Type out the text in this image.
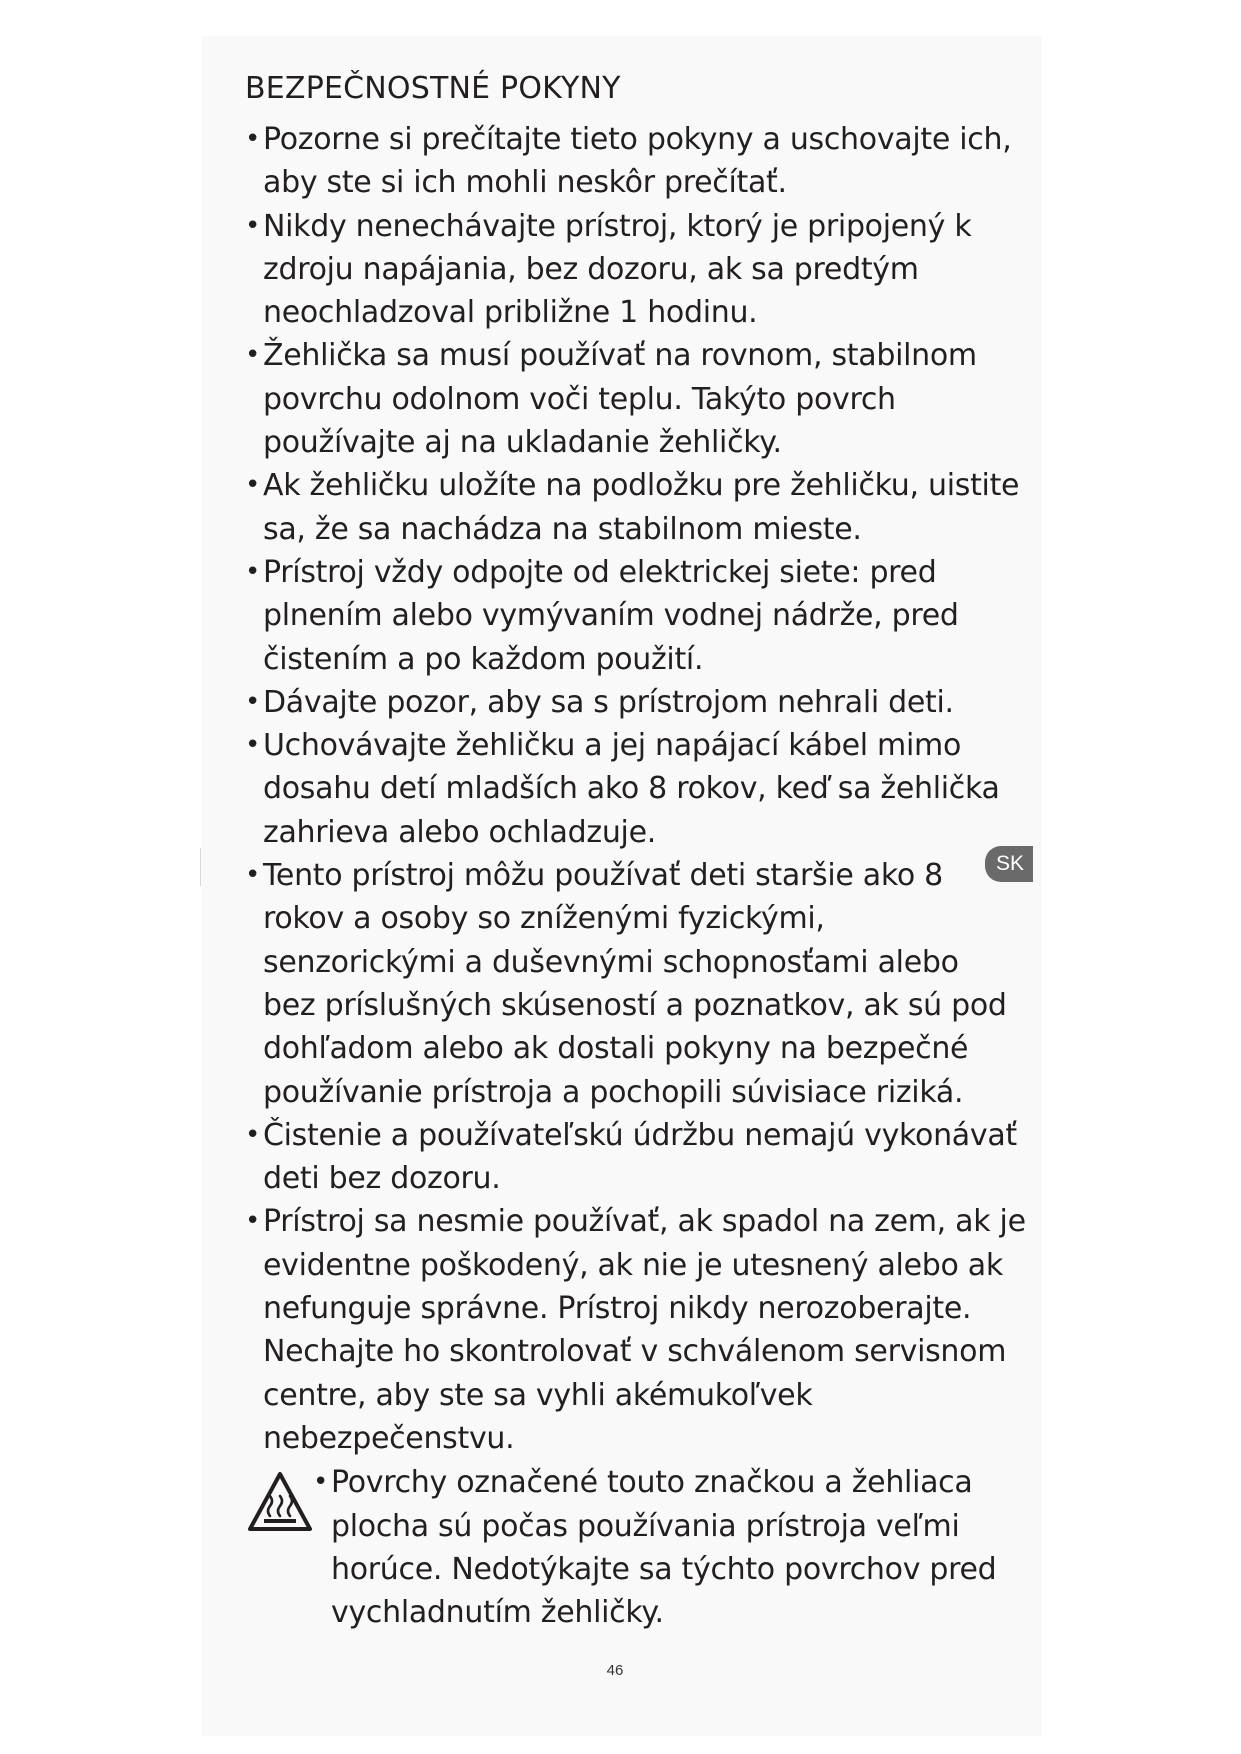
BEZPEČNOSTNÉ POKYNY
• Pozorne si prečítajte tieto pokyny a uschovajte ich,
aby ste si ich mohli neskôr prečítať.
• Nikdy nenechávajte prístroj, ktorý je pripojený k
zdroju napájania, bez dozoru, ak sa predtým
neochladzoval približne 1 hodinu.
• Žehlička sa musí používať na rovnom, stabilnom
povrchu odolnom voči teplu. Takýto povrch
používajte aj na ukladanie žehličky.
• Ak žehličku uložíte na podložku pre žehličku, uistite
sa, že sa nachádza na stabilnom mieste.
• Prístroj vždy odpojte od elektrickej siete: pred
plnením alebo vymývaním vodnej nádrže, pred
čistením a po každom použití.
• Dávajte pozor, aby sa s prístrojom nehrali deti.
• Uchovávajte žehličku a jej napájací kábel mimo
dosahu detí mladších ako 8 rokov, keď sa žehlička
zahrieva alebo ochladzuje.
• Tento prístroj môžu používať deti staršie ako 8
rokov a osoby so zníženými fyzickými,
senzorickými a duševnými schopnosťami alebo
bez príslušných skúseností a poznatkov, ak sú pod
dohľadom alebo ak dostali pokyny na bezpečné
používanie prístroja a pochopili súvisiace riziká.
• Čistenie a používateľskú údržbu nemajú vykonávať
deti bez dozoru.
• Prístroj sa nesmie používať, ak spadol na zem, ak je
evidentne poškodený, ak nie je utesnený alebo ak
nefunguje správne. Prístroj nikdy nerozoberajte.
Nechajte ho skontrolovať v schválenom servisnom
centre, aby ste sa vyhli akémukoľvek
nebezpečenstvu.
• Povrchy označené touto značkou a žehliaca
plocha sú počas používania prístroja veľmi
horúce. Nedotýkajte sa týchto povrchov pred
vychladnutím žehličky.
SK
46
